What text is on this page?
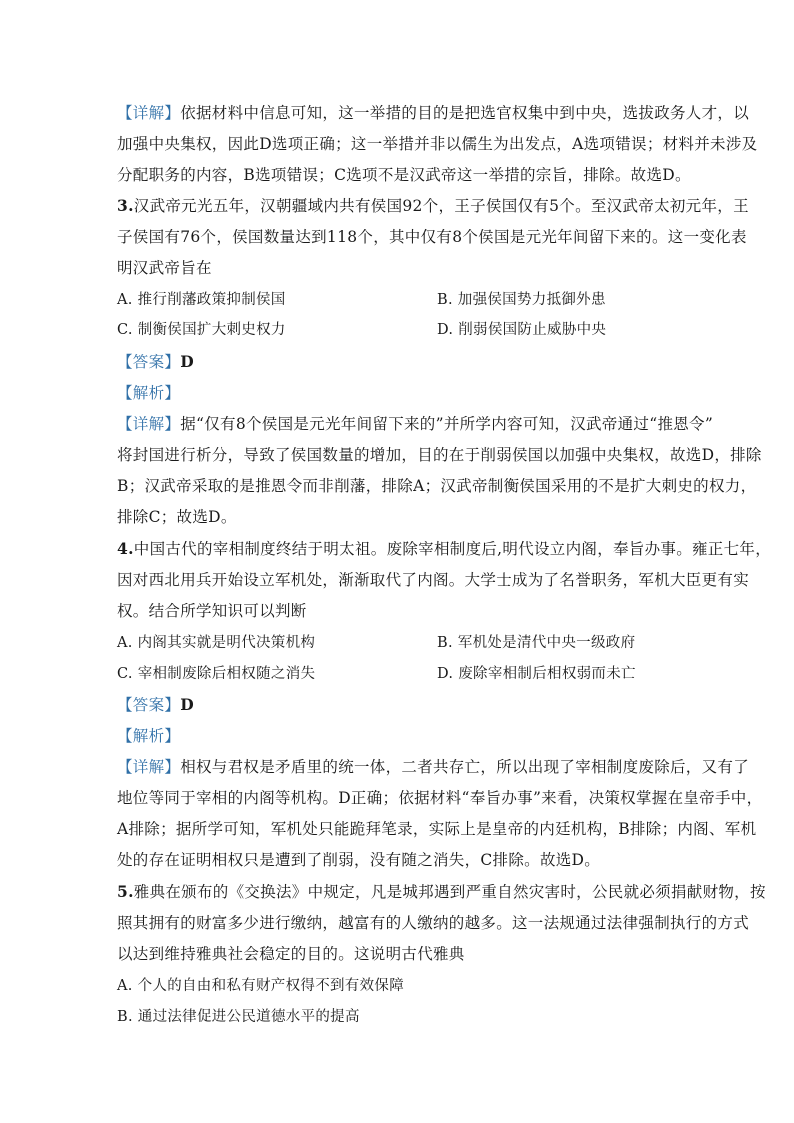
【详解】依据材料中信息可知，这一举措的目的是把选官权集中到中央，选拔政务人才，以
加强中央集权，因此D选项正确；这一举措并非以儒生为出发点，A选项错误；材料并未涉及
分配职务的内容，B选项错误；C选项不是汉武帝这一举措的宗旨，排除。故选D。
3.汉武帝元光五年，汉朝疆域内共有侯国92个，王子侯国仅有5个。至汉武帝太初元年，王
子侯国有76个，侯国数量达到118个，其中仅有8个侯国是元光年间留下来的。这一变化表
明汉武帝旨在
A. 推行削藩政策抑制侯国	B. 加强侯国势力抵御外患
C. 制衡侯国扩大刺史权力	D. 削弱侯国防止威胁中央
【答案】D
【解析】
【详解】据“仅有8个侯国是元光年间留下来的”并所学内容可知，汉武帝通过“推恩令”
将封国进行析分，导致了侯国数量的增加，目的在于削弱侯国以加强中央集权，故选D，排除
B；汉武帝采取的是推恩令而非削藩，排除A；汉武帝制衡侯国采用的不是扩大刺史的权力，
排除C；故选D。
4.中国古代的宰相制度终结于明太祖。废除宰相制度后,明代设立内阁，奉旨办事。雍正七年，
因对西北用兵开始设立军机处，渐渐取代了内阁。大学士成为了名誉职务，军机大臣更有实
权。结合所学知识可以判断
A. 内阁其实就是明代决策机构	B. 军机处是清代中央一级政府
C. 宰相制废除后相权随之消失	D. 废除宰相制后相权弱而未亡
【答案】D
【解析】
【详解】相权与君权是矛盾里的统一体，二者共存亡，所以出现了宰相制度废除后，又有了
地位等同于宰相的内阁等机构。D正确；依据材料“奉旨办事”来看，决策权掌握在皇帝手中，
A排除；据所学可知，军机处只能跪拜笔录，实际上是皇帝的内廷机构，B排除；内阁、军机
处的存在证明相权只是遭到了削弱，没有随之消失，C排除。故选D。
5.雅典在颁布的《交换法》中规定，凡是城邦遇到严重自然灾害时，公民就必须捐献财物，按
照其拥有的财富多少进行缴纳，越富有的人缴纳的越多。这一法规通过法律强制执行的方式
以达到维持雅典社会稳定的目的。这说明古代雅典
A. 个人的自由和私有财产权得不到有效保障
B. 通过法律促进公民道德水平的提高
